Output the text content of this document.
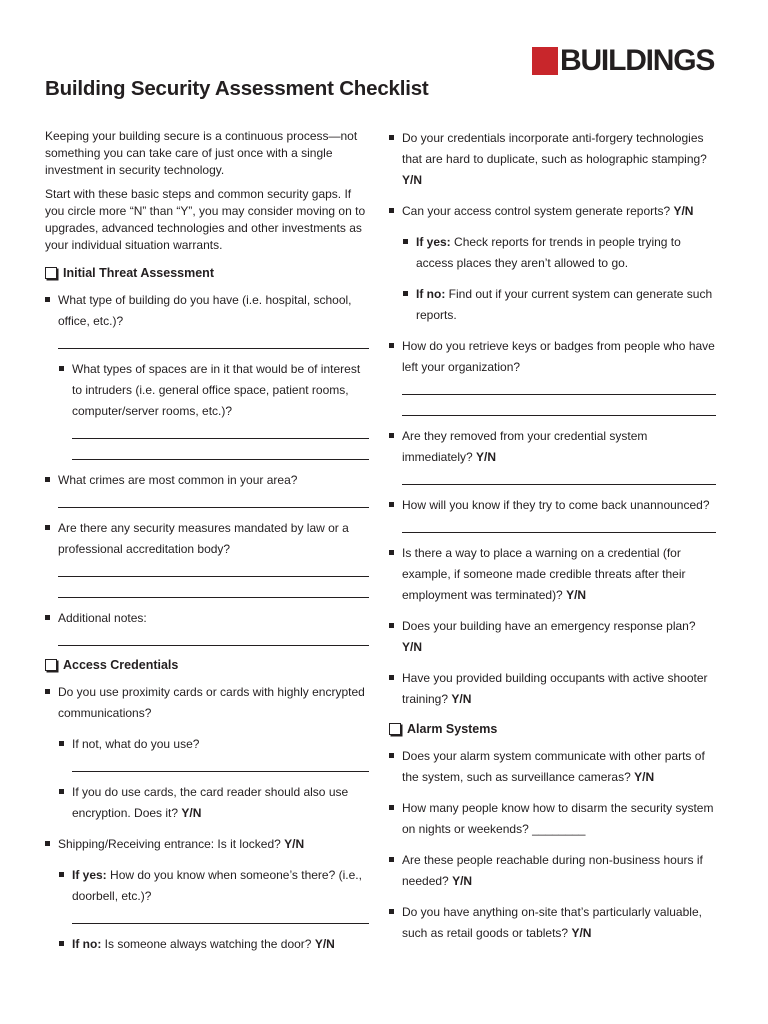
BUILDINGS
Building Security Assessment Checklist

Keeping your building secure is a continuous process—not something you can take care of just once with a single investment in security technology.

Start with these basic steps and common security gaps. If you circle more “N” than “Y”, you may consider moving on to upgrades, advanced technologies and other investments as your individual situation warrants.

Initial Threat Assessment
What type of building do you have (i.e. hospital, school, office, etc.)?
What types of spaces are in it that would be of interest to intruders (i.e. general office space, patient rooms, computer/server rooms, etc.)?
What crimes are most common in your area?
Are there any security measures mandated by law or a professional accreditation body?
Additional notes:
Access Credentials
Do you use proximity cards or cards with highly encrypted communications?
If not, what do you use?
If you do use cards, the card reader should also use encryption. Does it? Y/N
Shipping/Receiving entrance: Is it locked? Y/N
If yes: How do you know when someone’s there? (i.e., doorbell, etc.)?
If no: Is someone always watching the door? Y/N
Do your credentials incorporate anti-forgery technologies that are hard to duplicate, such as holographic stamping? Y/N
Can your access control system generate reports? Y/N
If yes: Check reports for trends in people trying to access places they aren’t allowed to go.
If no: Find out if your current system can generate such reports.
How do you retrieve keys or badges from people who have left your organization?
Are they removed from your credential system immediately? Y/N
How will you know if they try to come back unannounced?
Is there a way to place a warning on a credential (for example, if someone made credible threats after their employment was terminated)? Y/N
Does your building have an emergency response plan? Y/N
Have you provided building occupants with active shooter training? Y/N
Alarm Systems
Does your alarm system communicate with other parts of the system, such as surveillance cameras? Y/N
How many people know how to disarm the security system on nights or weekends? ________
Are these people reachable during non-business hours if needed? Y/N
Do you have anything on-site that’s particularly valuable, such as retail goods or tablets? Y/N
